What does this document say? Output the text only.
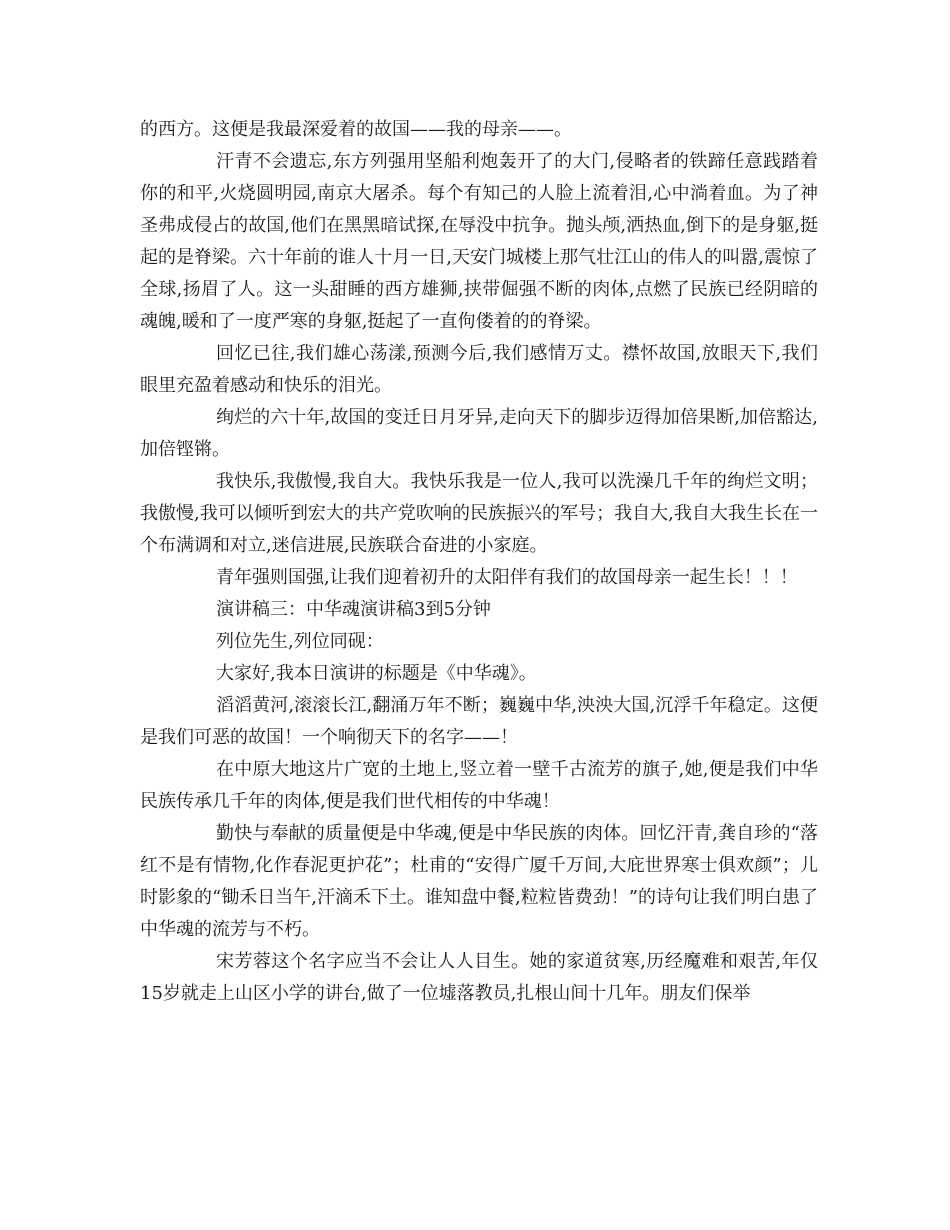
的西方。这便是我最深爱着的故国——我的母亲——。

汗青不会遗忘,东方列强用坚船利炮轰开了的大门,侵略者的铁蹄任意践踏着你的和平,火烧圆明园,南京大屠杀。每个有知己的人脸上流着泪,心中淌着血。为了神圣弗成侵占的故国,他们在黑黑暗试探,在辱没中抗争。抛头颅,洒热血,倒下的是身躯,挺起的是脊梁。六十年前的谁人十月一日,天安门城楼上那气壮江山的伟人的叫嚣,震惊了全球,扬眉了人。这一头甜睡的西方雄狮,挟带倔强不断的肉体,点燃了民族已经阴暗的魂魄,暖和了一度严寒的身躯,挺起了一直佝偻着的的脊梁。

回忆已往,我们雄心荡漾,预测今后,我们感情万丈。襟怀故国,放眼天下,我们眼里充盈着感动和快乐的泪光。

绚烂的六十年,故国的变迁日月牙异,走向天下的脚步迈得加倍果断,加倍豁达,加倍铿锵。

我快乐,我傲慢,我自大。我快乐我是一位人,我可以洗澡几千年的绚烂文明；我傲慢,我可以倾听到宏大的共产党吹响的民族振兴的军号；我自大,我自大我生长在一个布满调和对立,迷信进展,民族联合奋进的小家庭。

青年强则国强,让我们迎着初升的太阳伴有我们的故国母亲一起生长！！！

演讲稿三：中华魂演讲稿3到5分钟

列位先生,列位同砚：

大家好,我本日演讲的标题是《中华魂》。

滔滔黄河,滚滚长江,翻涌万年不断；巍巍中华,泱泱大国,沉浮千年稳定。这便是我们可恶的故国！一个响彻天下的名字——！

在中原大地这片广宽的土地上,竖立着一壁千古流芳的旗子,她,便是我们中华民族传承几千年的肉体,便是我们世代相传的中华魂！

勤快与奉献的质量便是中华魂,便是中华民族的肉体。回忆汗青,龚自珍的“落红不是有情物,化作春泥更护花”；杜甫的“安得广厦千万间,大庇世界寒士俱欢颜”；儿时影象的“锄禾日当午,汗滴禾下土。谁知盘中餐,粒粒皆费劲！”的诗句让我们明白患了中华魂的流芳与不朽。

宋芳蓉这个名字应当不会让人人目生。她的家道贫寒,历经魔难和艰苦,年仅15岁就走上山区小学的讲台,做了一位墟落教员,扎根山间十几年。朋友们保举
